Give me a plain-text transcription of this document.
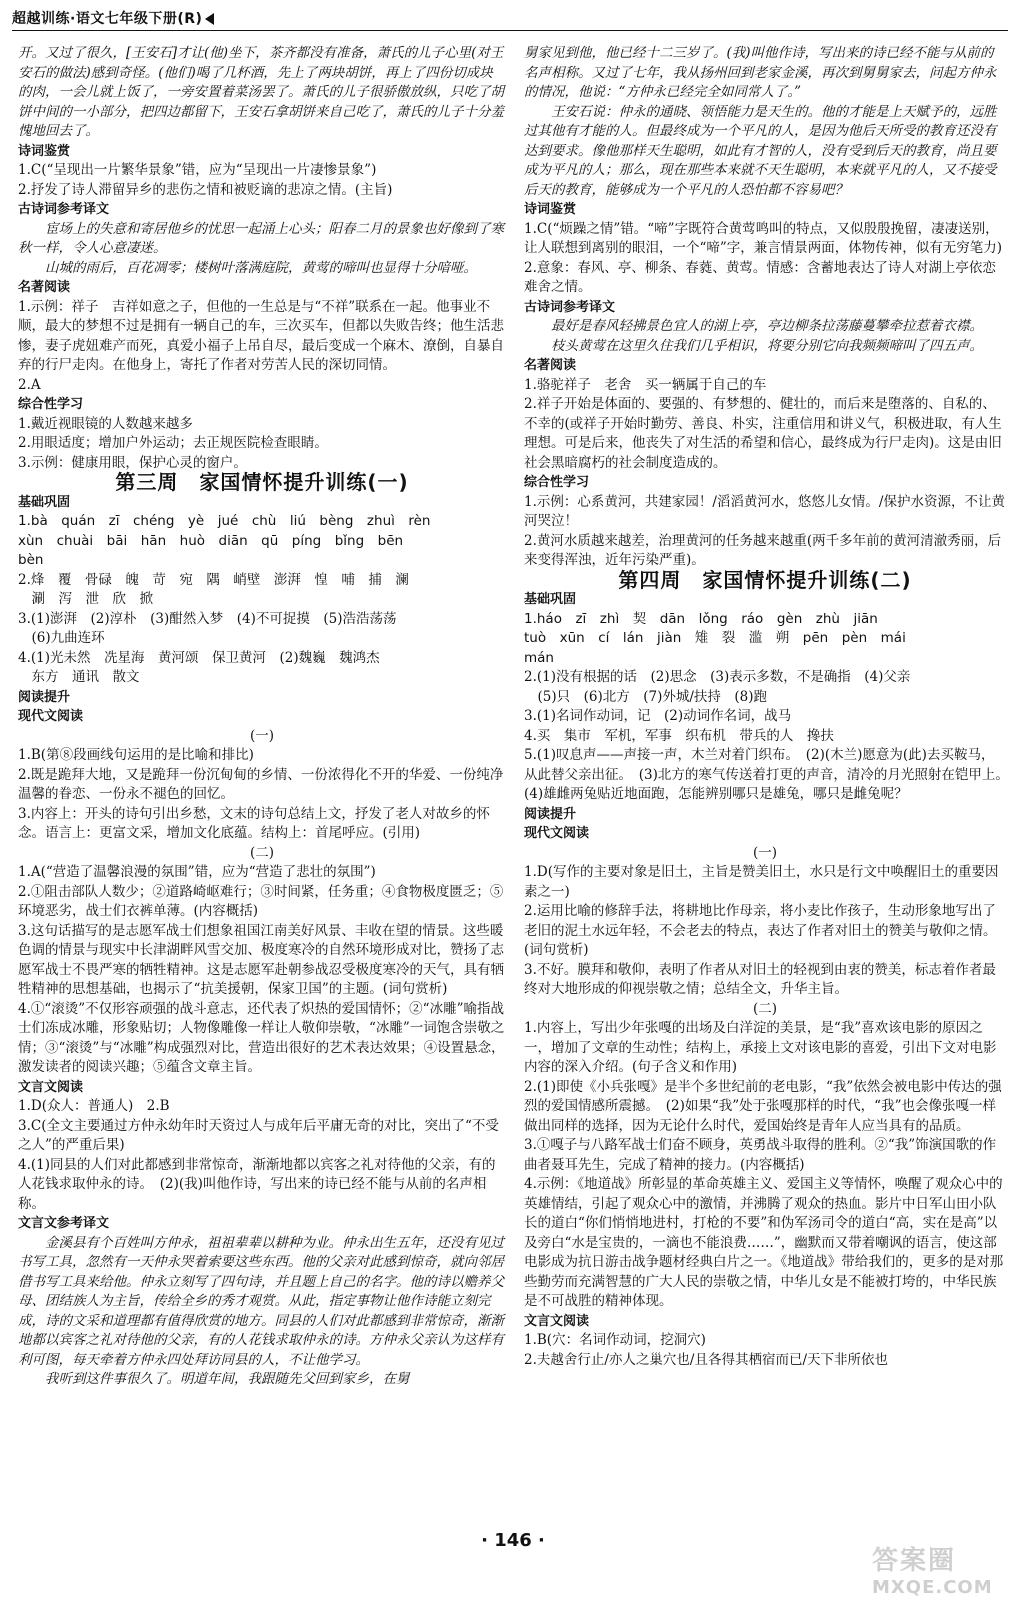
超越训练·语文七年级下册(R)
开。又过了很久，[王安石]才让(他)坐下，茶齐都没有准备，萧氏的儿子心里(对王安石的做法)感到奇怪。(他们)喝了几杯酒，先上了两块胡饼，再上了四份切成块的肉，一会儿就上饭了，一旁安置着菜汤罢了。萧氏的儿子很骄傲放纵，只吃了胡饼中间的一小部分，把四边都留下，王安石拿胡饼来自己吃了，萧氏的儿子十分羞愧地回去了。
诗词鉴赏
1.C(“呈现出一片繁华景象”错，应为“呈现出一片凄惨景象”)
2.抒发了诗人滞留异乡的悲伤之情和被贬谪的悲凉之情。(主旨)
古诗词参考译文
宦场上的失意和寄居他乡的忧思一起涌上心头；阳春二月的景象也好像到了寒秋一样，令人心意凄迷。
山城的雨后，百花凋零；楼树叶落满庭院，黄莺的啼叫也显得十分喑哑。
名著阅读
1.示例：祥子　吉祥如意之子，但他的一生总是与“不祥”联系在一起。他事业不顺，最大的梦想不过是拥有一辆自己的车，三次买车，但都以失败告终；他生活悲惨，妻子虎妞难产而死，真爱小福子上吊自尽，最后变成一个麻木、潦倒，自暴自弃的行尸走肉。在他身上，寄托了作者对劳苦人民的深切同情。
2.A
综合性学习
1.戴近视眼镜的人数越来越多
2.用眼适度；增加户外运动；去正规医院检查眼睛。
3.示例：健康用眼，保护心灵的窗户。
第三周　家国情怀提升训练(一)
基础巩固
1.bà　quán　zī　chéng　yè　jué　chù　liú　bèng　zhuì　rèn
xùn　chuài　bāi　hān　huò　diān　qū　píng　bǐng　bēn
bèn
2.烽　覆　骨碌　魄　苛　宛　隅　峭壁　澎湃　惶　哺　捕　澜
　涮　泻　泄　欣　掀
3.(1)澎湃　(2)淳朴　(3)酣然入梦　(4)不可捉摸　(5)浩浩荡荡
　(6)九曲连环
4.(1)光未然　冼星海　黄河颂　保卫黄河　(2)魏巍　魏鸿杰
　东方　通讯　散文
阅读提升
现代文阅读
(一)
1.B(第⑧段画线句运用的是比喻和排比)
2.既是跪拜大地，又是跪拜一份沉甸甸的乡情、一份浓得化不开的华爱、一份纯净温馨的眷恋、一份永不褪色的回忆。
3.内容上：开头的诗句引出乡愁，文末的诗句总结上文，抒发了老人对故乡的怀念。语言上：更富文采，增加文化底蕴。结构上：首尾呼应。(引用)
(二)
1.A(“营造了温馨浪漫的氛围”错，应为“营造了悲壮的氛围”)
2.①阻击部队人数少；②道路崎岖难行；③时间紧，任务重；④食物极度匮乏；⑤环境恶劣，战士们衣裤单薄。(内容概括)
3.这句话描写的是志愿军战士们想象祖国江南美好风景、丰收在望的情景。这些暖色调的情景与现实中长津湖畔风雪交加、极度寒冷的自然环境形成对比，赞扬了志愿军战士不畏严寒的牺牲精神。这是志愿军赴朝参战忍受极度寒冷的天气，具有牺牲精神的思想基础，也揭示了“抗美援朝，保家卫国”的主题。(词句赏析)
4.①“滚烫”不仅形容顽强的战斗意志，还代表了炽热的爱国情怀；②“冰雕”喻指战士们冻成冰雕，形象贴切；人物像雕像一样让人敬仰崇敬，“冰雕”一词饱含崇敬之情；③“滚烫”与“冰雕”构成强烈对比，营造出很好的艺术表达效果；④设置悬念，激发读者的阅读兴趣；⑤蕴含文章主旨。
文言文阅读
1.D(众人：普通人)　2.B
3.C(全文主要通过方仲永幼年时天资过人与成年后平庸无奇的对比，突出了“不受之人”的严重后果)
4.(1)同县的人们对此都感到非常惊奇，渐渐地都以宾客之礼对待他的父亲，有的人花钱求取仲永的诗。　(2)(我)叫他作诗，写出来的诗已经不能与从前的名声相称。
文言文参考译文
金溪县有个百姓叫方仲永，祖祖辈辈以耕种为业。仲永出生五年，还没有见过书写工具，忽然有一天仲永哭着索要这些东西。他的父亲对此感到惊奇，就向邻居借书写工具来给他。仲永立刻写了四句诗，并且题上自己的名字。他的诗以赡养父母、团结族人为主旨，传给全乡的秀才观赏。从此，指定事物让他作诗能立刻完成，诗的文采和道理都有值得欣赏的地方。同县的人们对此都感到非常惊奇，渐渐地都以宾客之礼对待他的父亲，有的人花钱求取仲永的诗。方仲永父亲认为这样有利可图，每天牵着方仲永四处拜访同县的人，不让他学习。
我听到这件事很久了。明道年间，我跟随先父回到家乡，在舅
舅家见到他，他已经十二三岁了。(我)叫他作诗，写出来的诗已经不能与从前的名声相称。又过了七年，我从扬州回到老家金溪，再次到舅舅家去，问起方仲永的情况，他说：“方仲永已经完全如同常人了。”
王安石说：仲永的通晓、领悟能力是天生的。他的才能是上天赋予的，远胜过其他有才能的人。但最终成为一个平凡的人，是因为他后天所受的教育还没有达到要求。像他那样天生聪明，如此有才智的人，没有受到后天的教育，尚且要成为平凡的人；那么，现在那些本来就不天生聪明，本来就平凡的人，又不接受后天的教育，能够成为一个平凡的人恐怕都不容易吧？
诗词鉴赏
1.C(“烦躁之情”错。“啼”字既符合黄莺鸣叫的特点，又似殷殷挽留，凄凄送别，让人联想到离别的眼泪，一个“啼”字，兼言情景两面，体物传神，似有无穷笔力)
2.意象：春风、亭、柳条、春蕤、黄莺。情感：含蓄地表达了诗人对湖上亭依恋难舍之情。
古诗词参考译文
最好是春风轻拂景色宜人的湖上亭，亭边柳条拉荡藤蔓攀牵拉惹着衣襟。
枝头黄莺在这里久住我们几乎相识，将要分别它向我频频啼叫了四五声。
名著阅读
1.骆驼祥子　老舍　买一辆属于自己的车
2.祥子开始是体面的、要强的、有梦想的、健壮的，而后来是堕落的、自私的、不幸的(或祥子开始时勤劳、善良、朴实，注重信用和讲义气，积极进取，有人生理想。可是后来，他丧失了对生活的希望和信心，最终成为行尸走肉)。这是由旧社会黑暗腐朽的社会制度造成的。
综合性学习
1.示例：心系黄河，共建家园！/滔滔黄河水，悠悠儿女情。/保护水资源，不让黄河哭泣！
2.黄河水质越来越差，治理黄河的任务越来越重(两千多年前的黄河清澈秀丽，后来变得浑浊，近年污染严重)。
第四周　家国情怀提升训练(二)
基础巩固
1.háo　zī　zhì　契　dān　lǒng　ráo　gèn　zhù　jiān
tuò　xūn　cí　lán　jiàn　雉　裂　滥　朔　pēn　pèn　mái
mán
2.(1)没有根据的话　(2)思念　(3)表示多数，不是确指　(4)父亲
　(5)只　(6)北方　(7)外城/扶持　(8)跑
3.(1)名词作动词，记　(2)动词作名词，战马
4.买　集市　军机，军事　织布机　带兵的人　搀扶
5.(1)叹息声——声接一声，木兰对着门织布。　(2)(木兰)愿意为(此)去买鞍马，从此替父亲出征。　(3)北方的寒气传送着打更的声音，清冷的月光照射在铠甲上。　(4)雄雌两兔贴近地面跑，怎能辨别哪只是雄兔，哪只是雌兔呢？
阅读提升
现代文阅读
(一)
1.D(写作的主要对象是旧土，主旨是赞美旧土，水只是行文中唤醒旧土的重要因素之一)
2.运用比喻的修辞手法，将耕地比作母亲，将小麦比作孩子，生动形象地写出了老旧的泥土水远年轻，不会老去的特点，表达了作者对旧土的赞美与敬仰之情。(词句赏析)
3.不好。膜拜和敬仰，表明了作者从对旧土的轻视到由衷的赞美，标志着作者最终对大地形成的仰视崇敬之情；总结全文，升华主旨。
(二)
1.内容上，写出少年张嘎的出场及白洋淀的美景，是“我”喜欢该电影的原因之一，增加了文章的生动性；结构上，承接上文对该电影的喜爱，引出下文对电影内容的深入介绍。(句子含义和作用)
2.(1)即使《小兵张嘎》是半个多世纪前的老电影，“我”依然会被电影中传达的强烈的爱国情感所震撼。　(2)如果“我”处于张嘎那样的时代，“我”也会像张嘎一样做出同样的选择，因为无论什么时代，爱国始终是青年人应当具有的品质。
3.①嘎子与八路军战士们奋不顾身，英勇战斗取得的胜利。②“我”饰演国歌的作曲者聂耳先生，完成了精神的接力。(内容概括)
4.示例：《地道战》所彰显的革命英雄主义、爱国主义等情怀，唤醒了观众心中的英雄情结，引起了观众心中的激情，并沸腾了观众的热血。影片中日军山田小队长的道白“你们悄悄地进村，打枪的不要”和伪军汤司令的道白“高，实在是高”以及旁白“水是宝贵的，一滴也不能浪费……”，幽默而又带着嘲讽的语言，使这部电影成为抗日游击战争题材经典白片之一。《地道战》带给我们的，更多的是对那些勤劳而充满智慧的广大人民的崇敬之情，中华儿女是不能被打垮的，中华民族是不可战胜的精神体现。
文言文阅读
1.B(穴：名词作动词，挖洞穴)
2.夫越舍行止/亦人之巢穴也/且各得其栖宿而已/天下非所依也
· 146 ·
答案圈
MXQE.COM
